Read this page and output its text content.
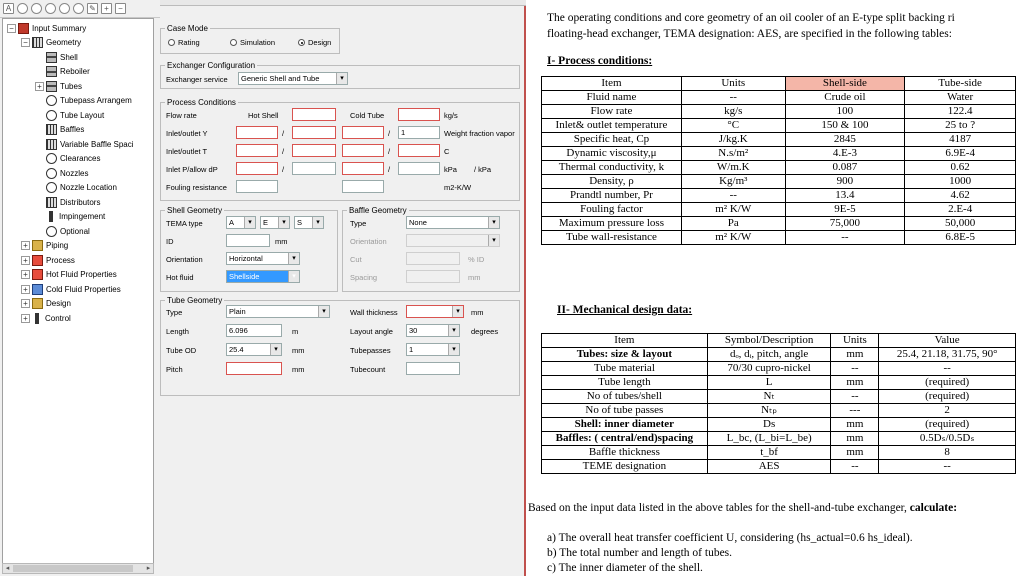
A	✎	+	−
− Input Summary
− Geometry
Shell
Reboiler
+ Tubes
Tubepass Arrangem
Tube Layout
Baffles
Variable Baffle Spaci
Clearances
Nozzles
Nozzle Location
Distributors
Impingement
Optional
+ Piping
+ Process
+ Hot Fluid Properties
+ Cold Fluid Properties
+ Design
+ Control
◂	▸
Case Mode
Rating	Simulation	Design
Exchanger Configuration
Exchanger service	Generic Shell and Tube ▾
Process Conditions
Hot Shell	Cold Tube
Flow rate	kg/s
Inlet/outlet Y	/	/	1	Weight fraction vapor
Inlet/outlet T	/	/	C
Inlet P/allow dP	/	/	kPa / kPa
Fouling resistance	m2-K/W
Shell Geometry
TEMA type	A ▾	E ▾	S ▾
ID	mm
Orientation	Horizontal ▾
Hot fluid	Shellside ▾
Baffle Geometry
Type	None ▾
Orientation
▾
Cut	% ID
Spacing	mm
Tube Geometry
Type	Plain ▾
Length	6.096	m
Tube OD	25.4 ▾	mm
Pitch	mm
Wall thickness ▾	mm
Layout angle	30 ▾	degrees
Tubepasses	1 ▾
Tubecount
The operating conditions and core geometry of an oil cooler of an E-type split backing ri
floating-head exchanger, TEMA designation: AES, are specified in the following tables:
I- Process conditions:
Item	Units	Shell-side	Tube-side
Fluid name	--	Crude oil	Water
Flow rate	kg/s	100	122.4
Inlet& outlet temperature	°C	150 & 100	25 to ?
Specific heat, Cp	J/kg.K	2845	4187
Dynamic viscosity,μ	N.s/m²	4.E-3	6.9E-4
Thermal conductivity, k	W/m.K	0.087	0.62
Density, ρ	Kg/m³	900	1000
Prandtl number, Pr	--	13.4	4.62
Fouling factor	m² K/W	9E-5	2.E-4
Maximum pressure loss	Pa	75,000	50,000
Tube wall-resistance	m² K/W	--	6.8E-5
II- Mechanical design data:
Item	Symbol/Description	Units	Value
Tubes: size & layout	dₒ, dᵢ, pitch, angle	mm	25.4, 21.18, 31.75, 90°
Tube material	70/30 cupro-nickel	--	--
Tube length	L	mm	(required)
No of tubes/shell	Nₜ	--	(required)
No of tube passes	Nₜₚ	---	2
Shell: inner diameter	Ds	mm	(required)
Baffles: ( central/end)spacing	L_bc, (L_bi=L_be)	mm	0.5Dₛ/0.5Dₛ
Baffle thickness	t_bf	mm	8
TEME designation	AES	--	--
Based on the input data listed in the above tables for the shell-and-tube exchanger, calculate:
a) The overall heat transfer coefficient U, considering (hs_actual=0.6 hs_ideal).
b) The total number and length of tubes.
c) The inner diameter of the shell.
